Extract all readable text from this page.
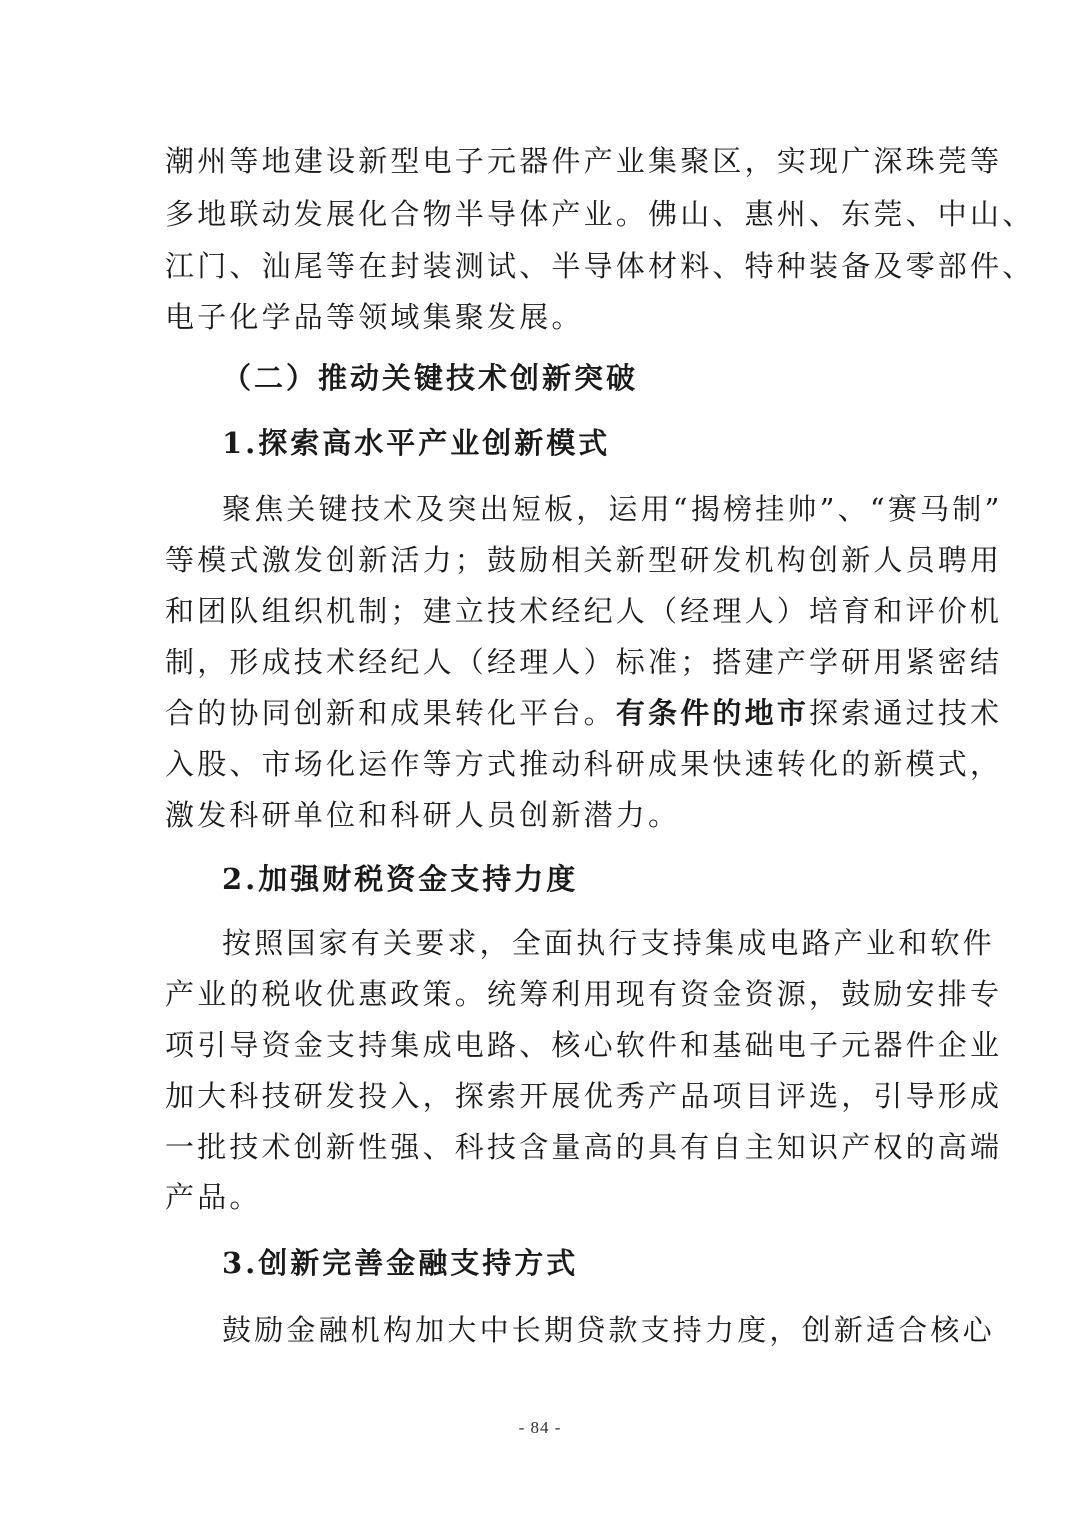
潮州等地建设新型电子元器件产业集聚区，实现广深珠莞等
多地联动发展化合物半导体产业。佛山、惠州、东莞、中山、
江门、汕尾等在封装测试、半导体材料、特种装备及零部件、
电子化学品等领域集聚发展。
（二）推动关键技术创新突破
1.探索高水平产业创新模式
聚焦关键技术及突出短板，运用“揭榜挂帅”、“赛马制”
等模式激发创新活力；鼓励相关新型研发机构创新人员聘用
和团队组织机制；建立技术经纪人（经理人）培育和评价机
制，形成技术经纪人（经理人）标准；搭建产学研用紧密结
合的协同创新和成果转化平台。有条件的地市探索通过技术
入股、市场化运作等方式推动科研成果快速转化的新模式，
激发科研单位和科研人员创新潜力。
2.加强财税资金支持力度
按照国家有关要求，全面执行支持集成电路产业和软件
产业的税收优惠政策。统筹利用现有资金资源，鼓励安排专
项引导资金支持集成电路、核心软件和基础电子元器件企业
加大科技研发投入，探索开展优秀产品项目评选，引导形成
一批技术创新性强、科技含量高的具有自主知识产权的高端
产品。
3.创新完善金融支持方式
鼓励金融机构加大中长期贷款支持力度，创新适合核心
- 84 -
